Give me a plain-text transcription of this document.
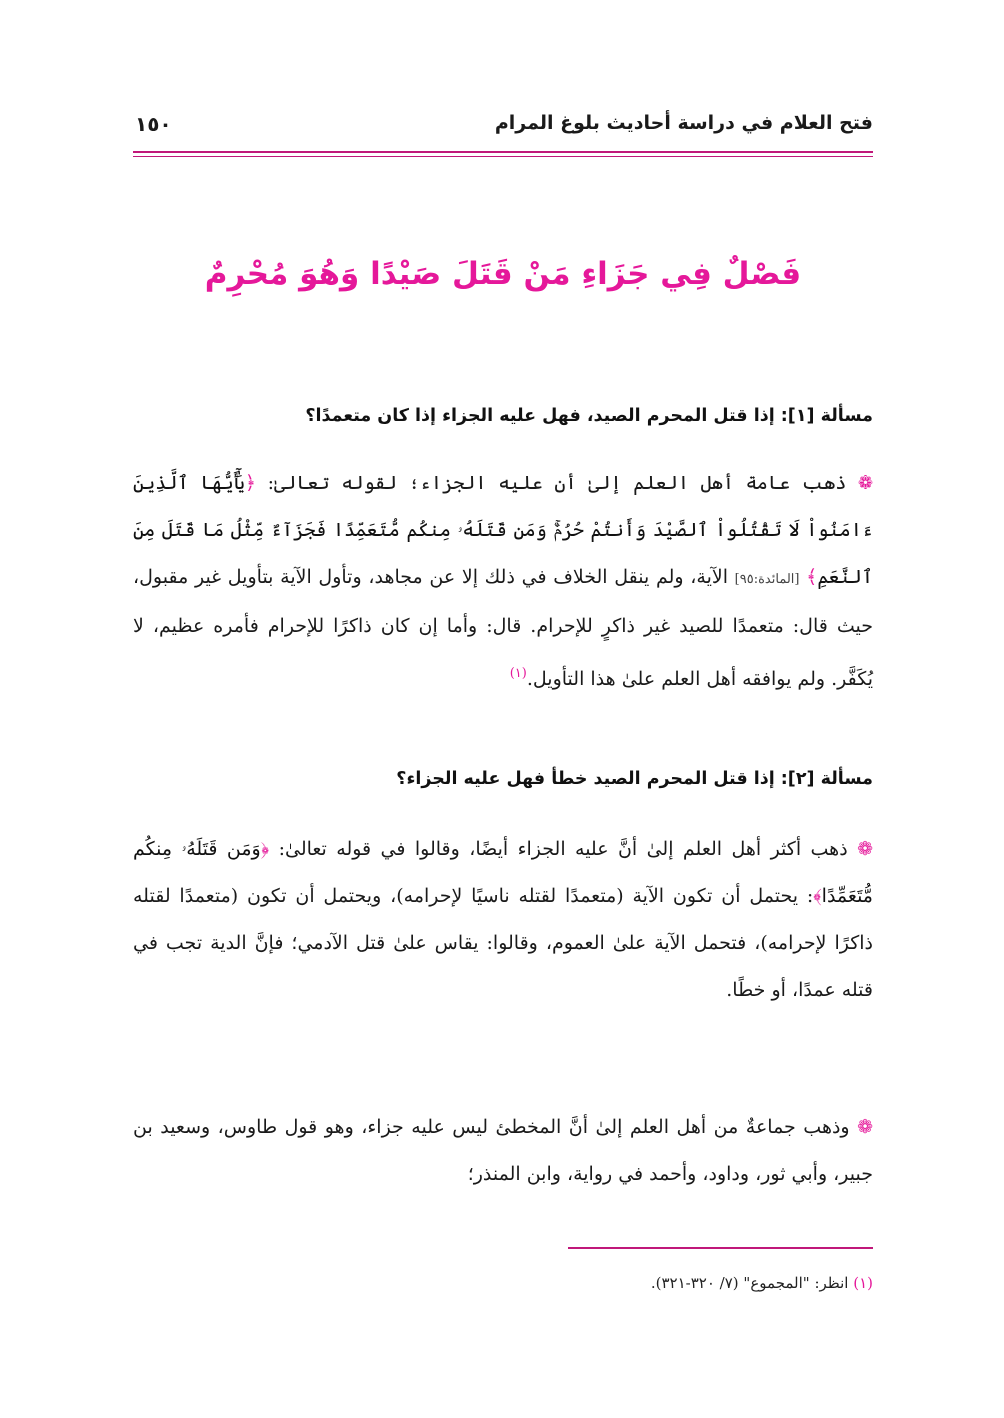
فتح العلام في دراسة أحاديث بلوغ المرام
١٥٠
فَصْلٌ فِي جَزَاءِ مَنْ قَتَلَ صَيْدًا وَهُوَ مُحْرِمٌ
مسألة [١]: إذا قتل المحرم الصيد، فهل عليه الجزاء إذا كان متعمدًا؟
❁ ذهب عامة أهل العلم إلىٰ أن عليه الجزاء؛ لقوله تعالىٰ: ﴿يَٰٓأَيُّهَا ٱلَّذِينَ ءَامَنُواْ لَا تَقْتُلُواْ ٱلصَّيْدَ وَأَنتُمْ حُرُمٌۚ وَمَن قَتَلَهُۥ مِنكُم مُّتَعَمِّدًا فَجَزَآءٌ مِّثْلُ مَا قَتَلَ مِنَ ٱلنَّعَمِ﴾ [المائدة:٩٥] الآية، ولم ينقل الخلاف في ذلك إلا عن مجاهد، وتأول الآية بتأويل غير مقبول، حيث قال: متعمدًا للصيد غير ذاكرٍ للإحرام. قال: وأما إن كان ذاكرًا للإحرام فأمره عظيم، لا يُكَفَّر. ولم يوافقه أهل العلم علىٰ هذا التأويل.$^{(١)}$
مسألة [٢]: إذا قتل المحرم الصيد خطأ فهل عليه الجزاء؟
❁ ذهب أكثر أهل العلم إلىٰ أنَّ عليه الجزاء أيضًا، وقالوا في قوله تعالىٰ: ﴿وَمَن قَتَلَهُۥ مِنكُم مُّتَعَمِّدًا﴾: يحتمل أن تكون الآية (متعمدًا لقتله ناسيًا لإحرامه)، ويحتمل أن تكون (متعمدًا لقتله ذاكرًا لإحرامه)، فتحمل الآية علىٰ العموم، وقالوا: يقاس علىٰ قتل الآدمي؛ فإنَّ الدية تجب في قتله عمدًا، أو خطًا.
❁ وذهب جماعةٌ من أهل العلم إلىٰ أنَّ المخطئ ليس عليه جزاء، وهو قول طاوس، وسعيد بن جبير، وأبي ثور، وداود، وأحمد في رواية، وابن المنذر؛
(١) انظر: "المجموع" (٧/ ٣٢٠-٣٢١).
